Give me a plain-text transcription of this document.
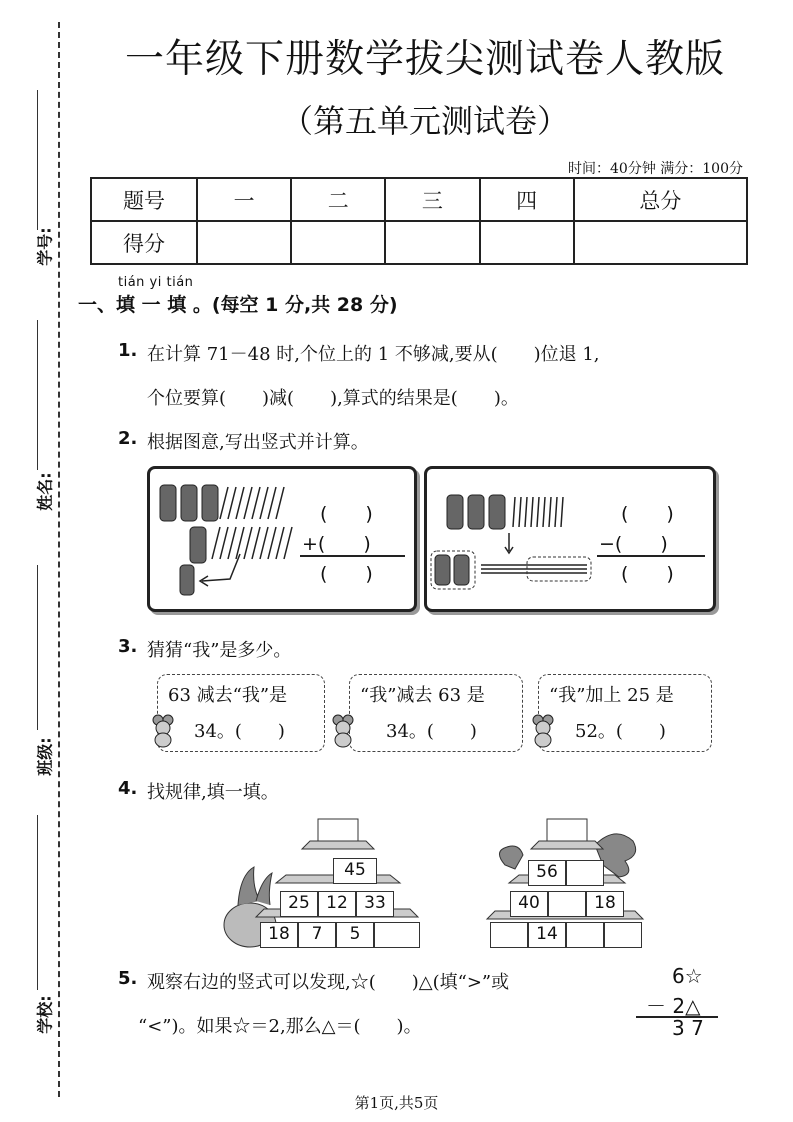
学号:
姓名:
班级:
学校:
一年级下册数学拔尖测试卷人教版
（第五单元测试卷）
时间：40分钟 满分：100分
题号	一	二	三	四	总分
得分					
tián yi tián
一、填 一 填 。(每空 1 分,共 28 分)
1. 在计算 71－48 时,个位上的 1 不够减,要从(　　)位退 1,
个位要算(　　)减(　　),算式的结果是(　　)。
2. 根据图意,写出竖式并计算。
(　　)
+(　　)
(　　)
(　　)
−(　　)
(　　)
3. 猜猜“我”是多少。
63 减去“我”是
34。(　　)
“我”减去 63 是
34。(　　)
“我”加上 25 是
52。(　　)
4. 找规律,填一填。
45
25 12 33
18	7	5
56
40	18
14
5. 观察右边的竖式可以发现,☆(　　)△(填“>”或
“<”)。如果☆＝2,那么△＝(　　)。
6☆
－ 2△
3 7
第1页,共5页
